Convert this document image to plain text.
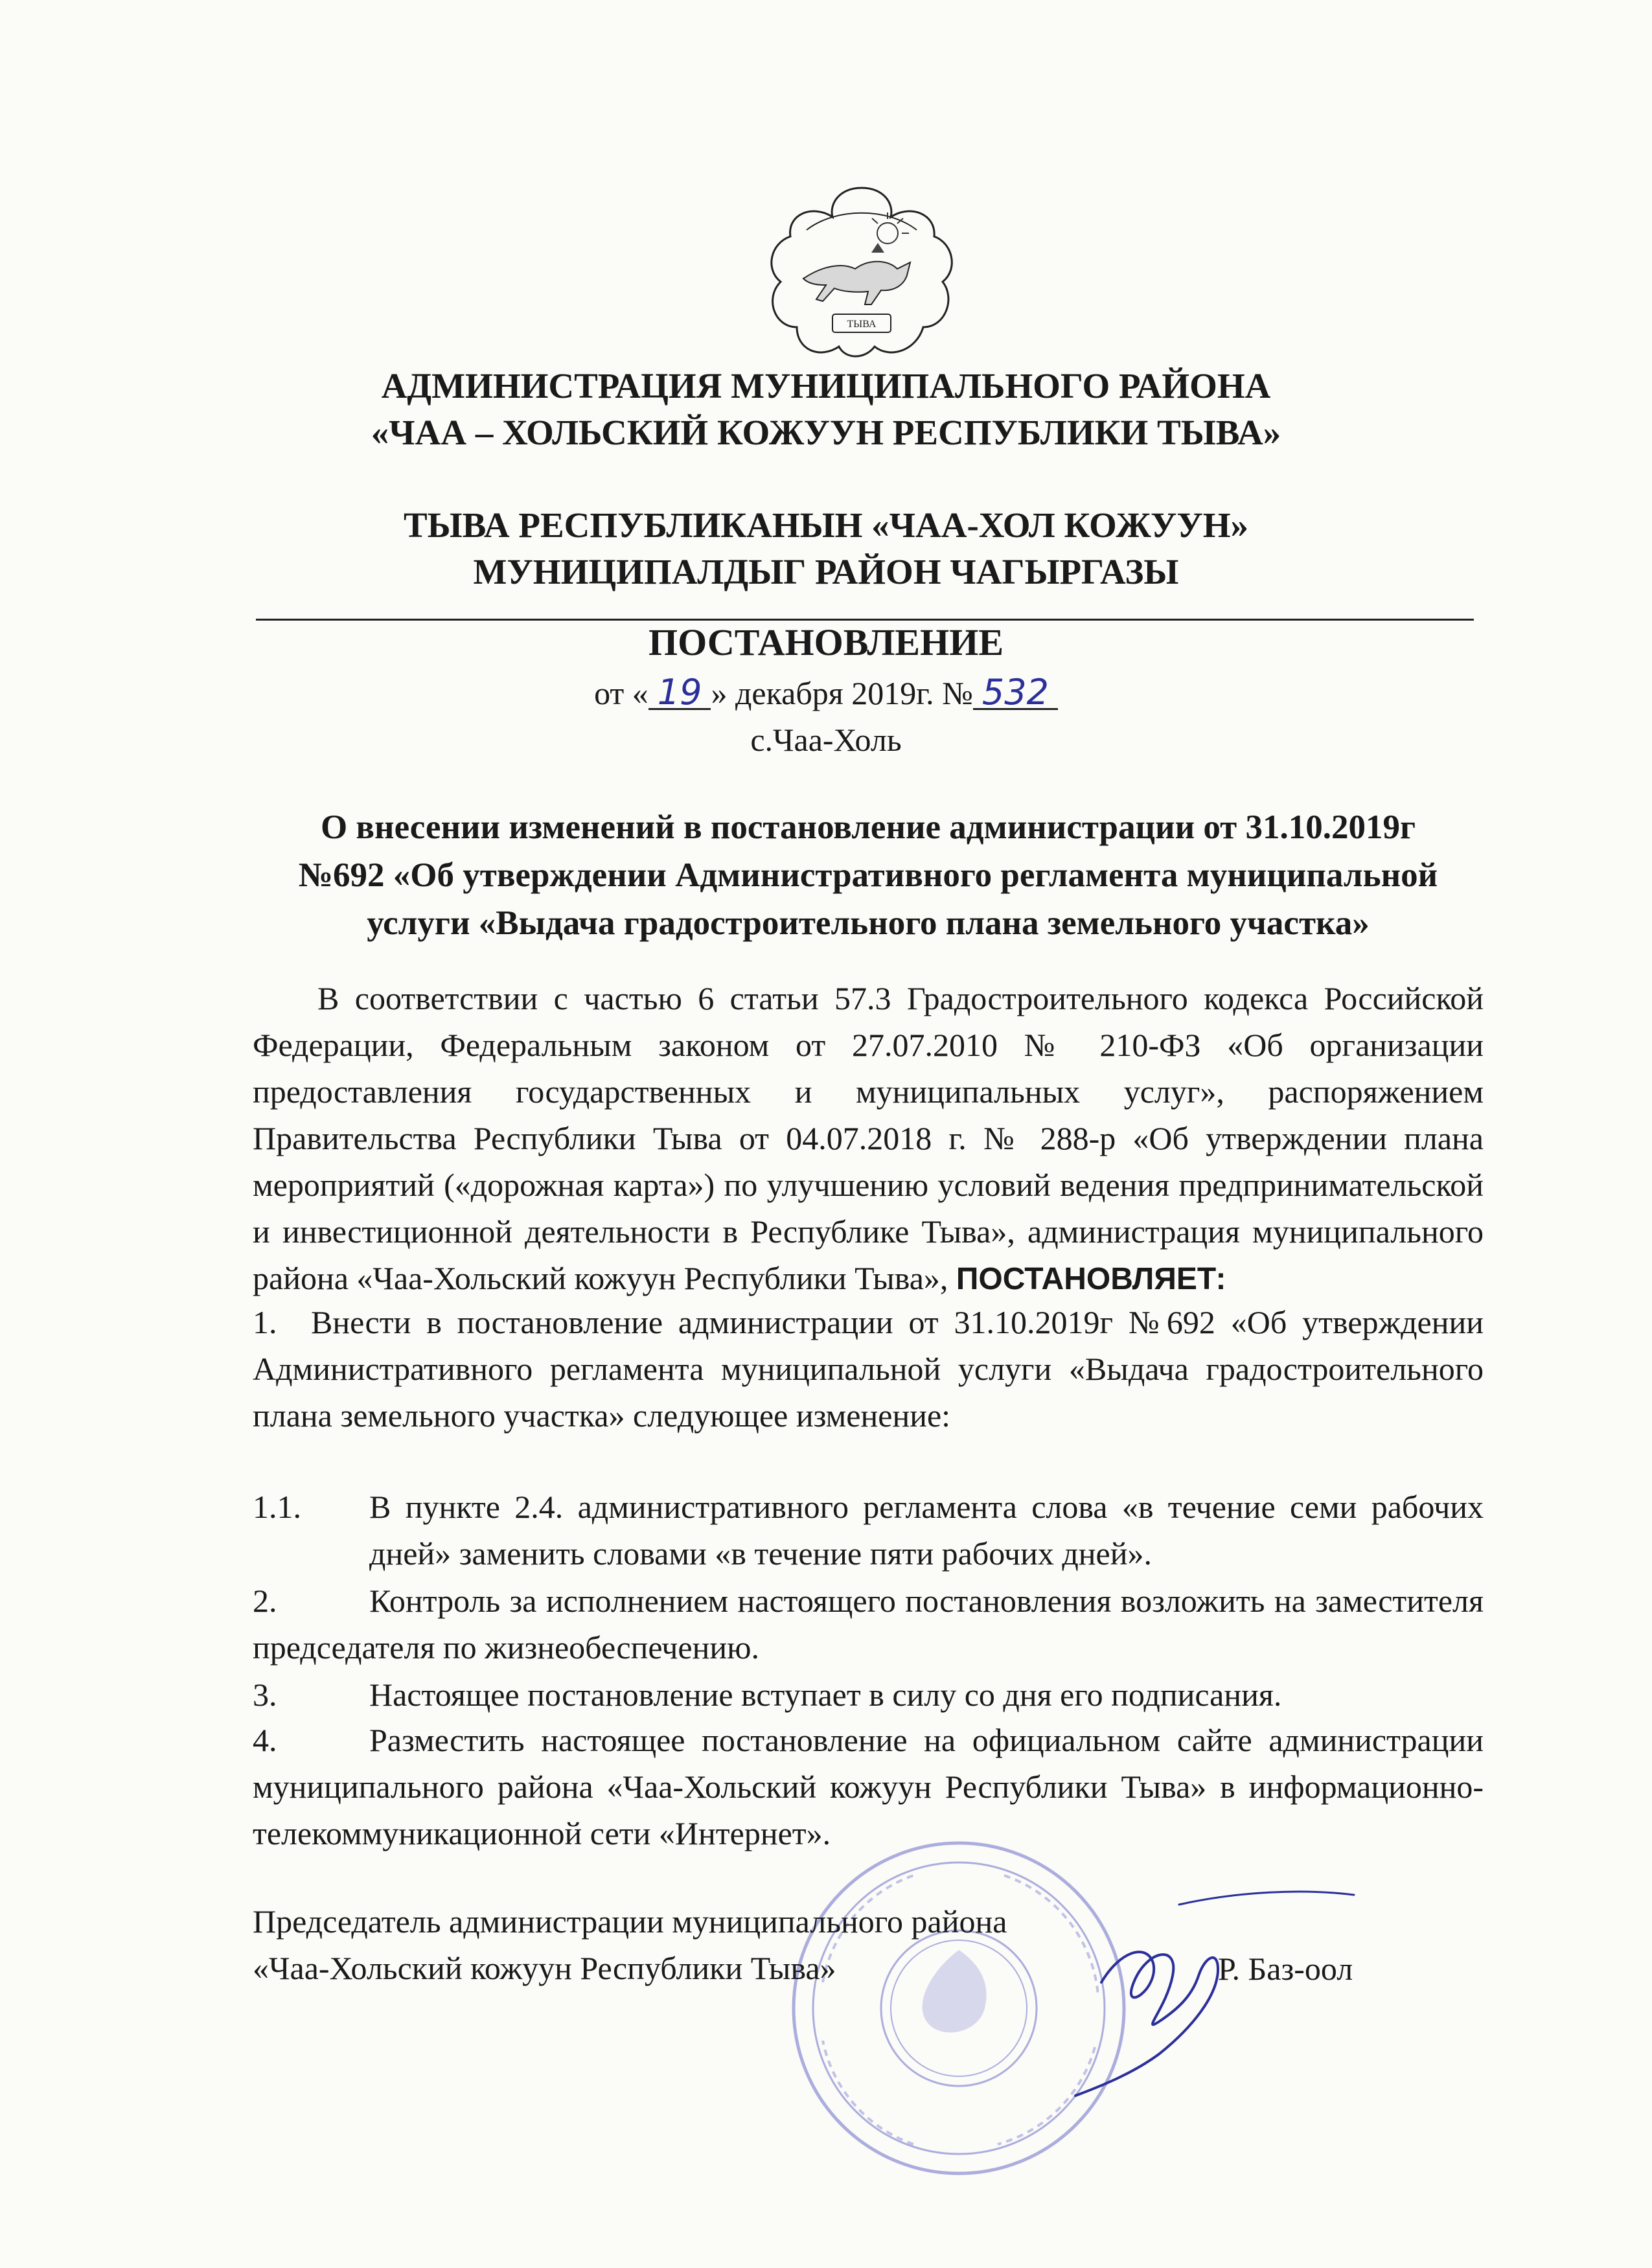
ТЫВА
АДМИНИСТРАЦИЯ МУНИЦИПАЛЬНОГО РАЙОНА
«ЧАА – ХОЛЬСКИЙ КОЖУУН РЕСПУБЛИКИ ТЫВА»
ТЫВА РЕСПУБЛИКАНЫН «ЧАА-ХОЛ КОЖУУН»
МУНИЦИПАЛДЫГ РАЙОН ЧАГЫРГАЗЫ
ПОСТАНОВЛЕНИЕ
от « 19 » декабря 2019г. № 532
с.Чаа-Холь
О внесении изменений в постановление администрации от 31.10.2019г
№692 «Об утверждении Административного регламента муниципальной
услуги «Выдача градостроительного плана земельного участка»
В соответствии с частью 6 статьи 57.3 Градостроительного кодекса Российской Федерации, Федеральным законом от 27.07.2010 № 210-ФЗ «Об организации предоставления государственных и муниципальных услуг», распоряжением Правительства Республики Тыва от 04.07.2018 г. № 288-р «Об утверждении плана мероприятий («дорожная карта») по улучшению условий ведения предпринимательской и инвестиционной деятельности в Республике Тыва», администрация муниципального района «Чаа-Хольский кожуун Республики Тыва», ПОСТАНОВЛЯЕТ:
1.	Внести в постановление администрации от 31.10.2019г №692 «Об утверждении Административного регламента муниципальной услуги «Выдача градостроительного плана земельного участка» следующее изменение:
1.1. В пункте 2.4. административного регламента слова «в течение семи рабочих дней» заменить словами «в течение пяти рабочих дней».
2.	Контроль за исполнением настоящего постановления возложить на заместителя председателя по жизнеобеспечению.
3.	Настоящее постановление вступает в силу со дня его подписания.
4.	Разместить настоящее постановление на официальном сайте администрации муниципального района «Чаа-Хольский кожуун Республики Тыва» в информационно-телекоммуникационной сети «Интернет».
Председатель администрации муниципального района
«Чаа-Хольский кожуун Республики Тыва»	Р. Баз-оол
